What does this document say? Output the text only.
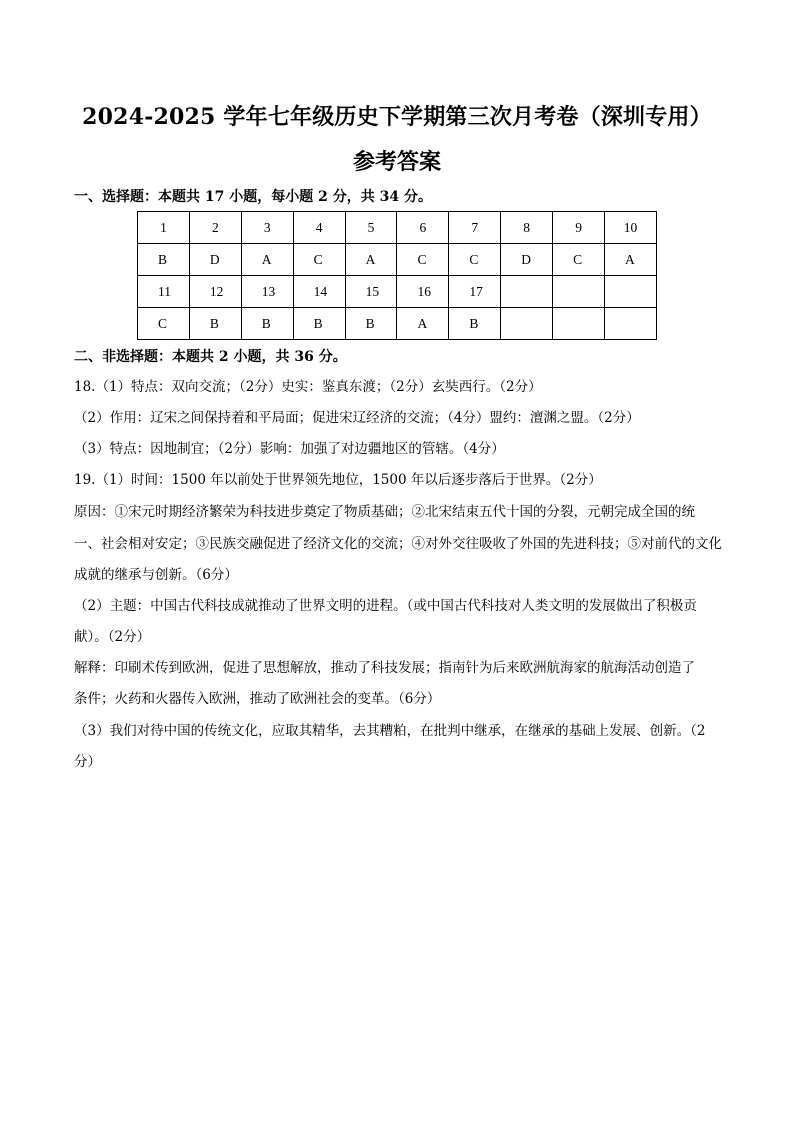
2024-2025 学年七年级历史下学期第三次月考卷（深圳专用）
参考答案
一、选择题：本题共 17 小题，每小题 2 分，共 34 分。
1	2	3	4	5	6	7	8	9	10
B	D	A	C	A	C	C	D	C	A
11	12	13	14	15	16	17			
C	B	B	B	B	A	B			
二、非选择题：本题共 2 小题，共 36 分。
18.（1）特点：双向交流；（2分）史实：鉴真东渡；（2分）玄奘西行。（2分）
（2）作用：辽宋之间保持着和平局面；促进宋辽经济的交流；（4分）盟约：澶渊之盟。（2分）
（3）特点：因地制宜；（2分）影响：加强了对边疆地区的管辖。（4分）
19.（1）时间：1500 年以前处于世界领先地位，1500 年以后逐步落后于世界。（2分）
原因：①宋元时期经济繁荣为科技进步奠定了物质基础；②北宋结束五代十国的分裂，元朝完成全国的统
一、社会相对安定；③民族交融促进了经济文化的交流；④对外交往吸收了外国的先进科技；⑤对前代的文化
成就的继承与创新。（6分）
（2）主题：中国古代科技成就推动了世界文明的进程。（或中国古代科技对人类文明的发展做出了积极贡
献）。（2分）
解释：印刷术传到欧洲，促进了思想解放，推动了科技发展；指南针为后来欧洲航海家的航海活动创造了
条件；火药和火器传入欧洲，推动了欧洲社会的变革。（6分）
（3）我们对待中国的传统文化，应取其精华，去其糟粕，在批判中继承，在继承的基础上发展、创新。（2
分）
